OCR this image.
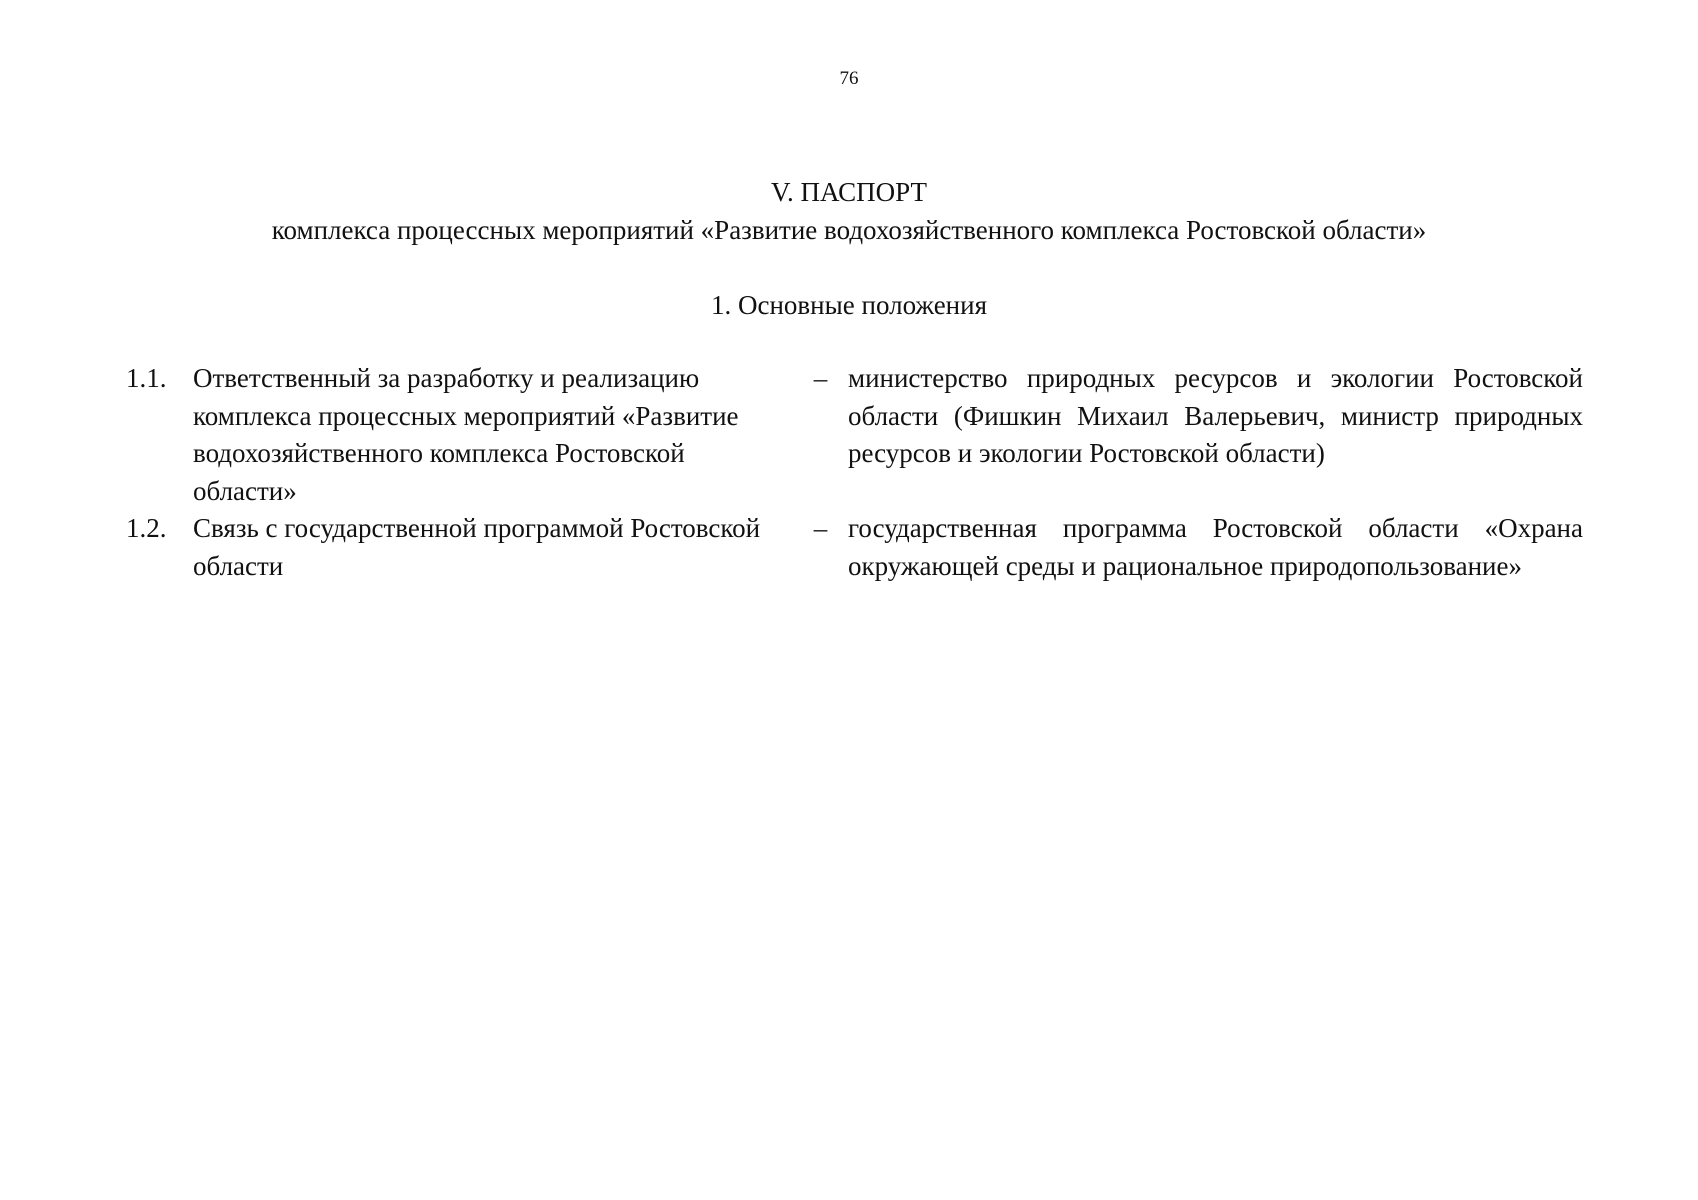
76
V. ПАСПОРТ
комплекса процессных мероприятий «Развитие водохозяйственного комплекса Ростовской области»
1. Основные положения
1.1. Ответственный за разработку и реализацию комплекса процессных мероприятий «Развитие водохозяйственного комплекса Ростовской области»
– министерство природных ресурсов и экологии Ростовской области (Фишкин Михаил Валерьевич, министр природных ресурсов и экологии Ростовской области)
1.2. Связь с государственной программой Ростовской области
– государственная программа Ростовской области «Охрана окружающей среды и рациональное природопользование»
